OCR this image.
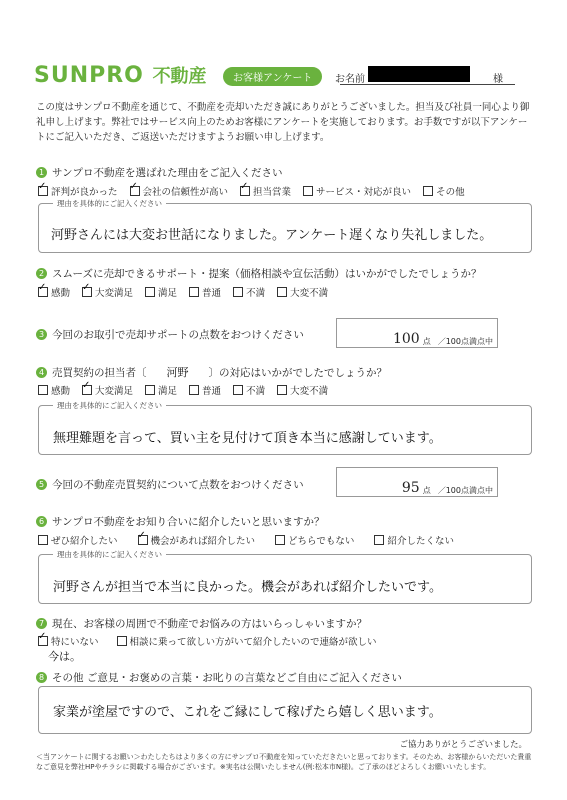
SUNPRO 不動産	お客様アンケート	お名前	様
この度はサンプロ不動産を通じて、不動産を売却いただき誠にありがとうございました。担当及び社員一同心より御礼申し上げます。弊社ではサービス向上のためお客様にアンケートを実施しております。お手数ですが以下アンケートにご記入いただき、ご返送いただけますようお願い申し上げます。
1 サンプロ不動産を選ばれた理由をご記入ください
✓
評判が良かった ✓	会社の信頼性が高い ✓	担当営業	サービス・対応が良い	その他
理由を具体的にご記入ください
河野さんには大変お世話になりました。アンケート遅くなり失礼しました。
2 スムーズに売却できるサポート・提案（価格相談や宣伝活動）はいかがでしたでしょうか？
✓
感動 ✓	大変満足	満足	普通	不満	大変不満
3 今回のお取引で売却サポートの点数をおつけください	100 点 ／100点満点中
4 売買契約の担当者〔 河野 〕の対応はいかがでしたでしょうか？
感動 ✓	大変満足	満足	普通	不満	大変不満
理由を具体的にご記入ください
無理難題を言って、買い主を見付けて頂き本当に感謝しています。
5 今回の不動産売買契約について点数をおつけください	95 点 ／100点満点中
6 サンプロ不動産をお知り合いに紹介したいと思いますか？
ぜひ紹介したい ✓	機会があれば紹介したい	どちらでもない	紹介したくない
理由を具体的にご記入ください
河野さんが担当で本当に良かった。機会があれば紹介したいです。
7 現在、お客様の周囲で不動産でお悩みの方はいらっしゃいますか？
✓
特にいない	相談に乗って欲しい方がいて紹介したいので連絡が欲しい
今は。
8 その他 ご意見・お褒めの言葉・お叱りの言葉などご自由にご記入ください
家業が塗屋ですので、これをご縁にして稼げたら嬉しく思います。
ご協力ありがとうございました。
＜当アンケートに関するお願い＞わたしたちはより多くの方にサンプロ不動産を知っていただきたいと思っております。そのため、お客様からいただいた貴重なご意見を弊社HPやチラシに掲載する場合がございます。※実名は公開いたしません(例:松本市N様)。ご了承のほどよろしくお願いいたします。
